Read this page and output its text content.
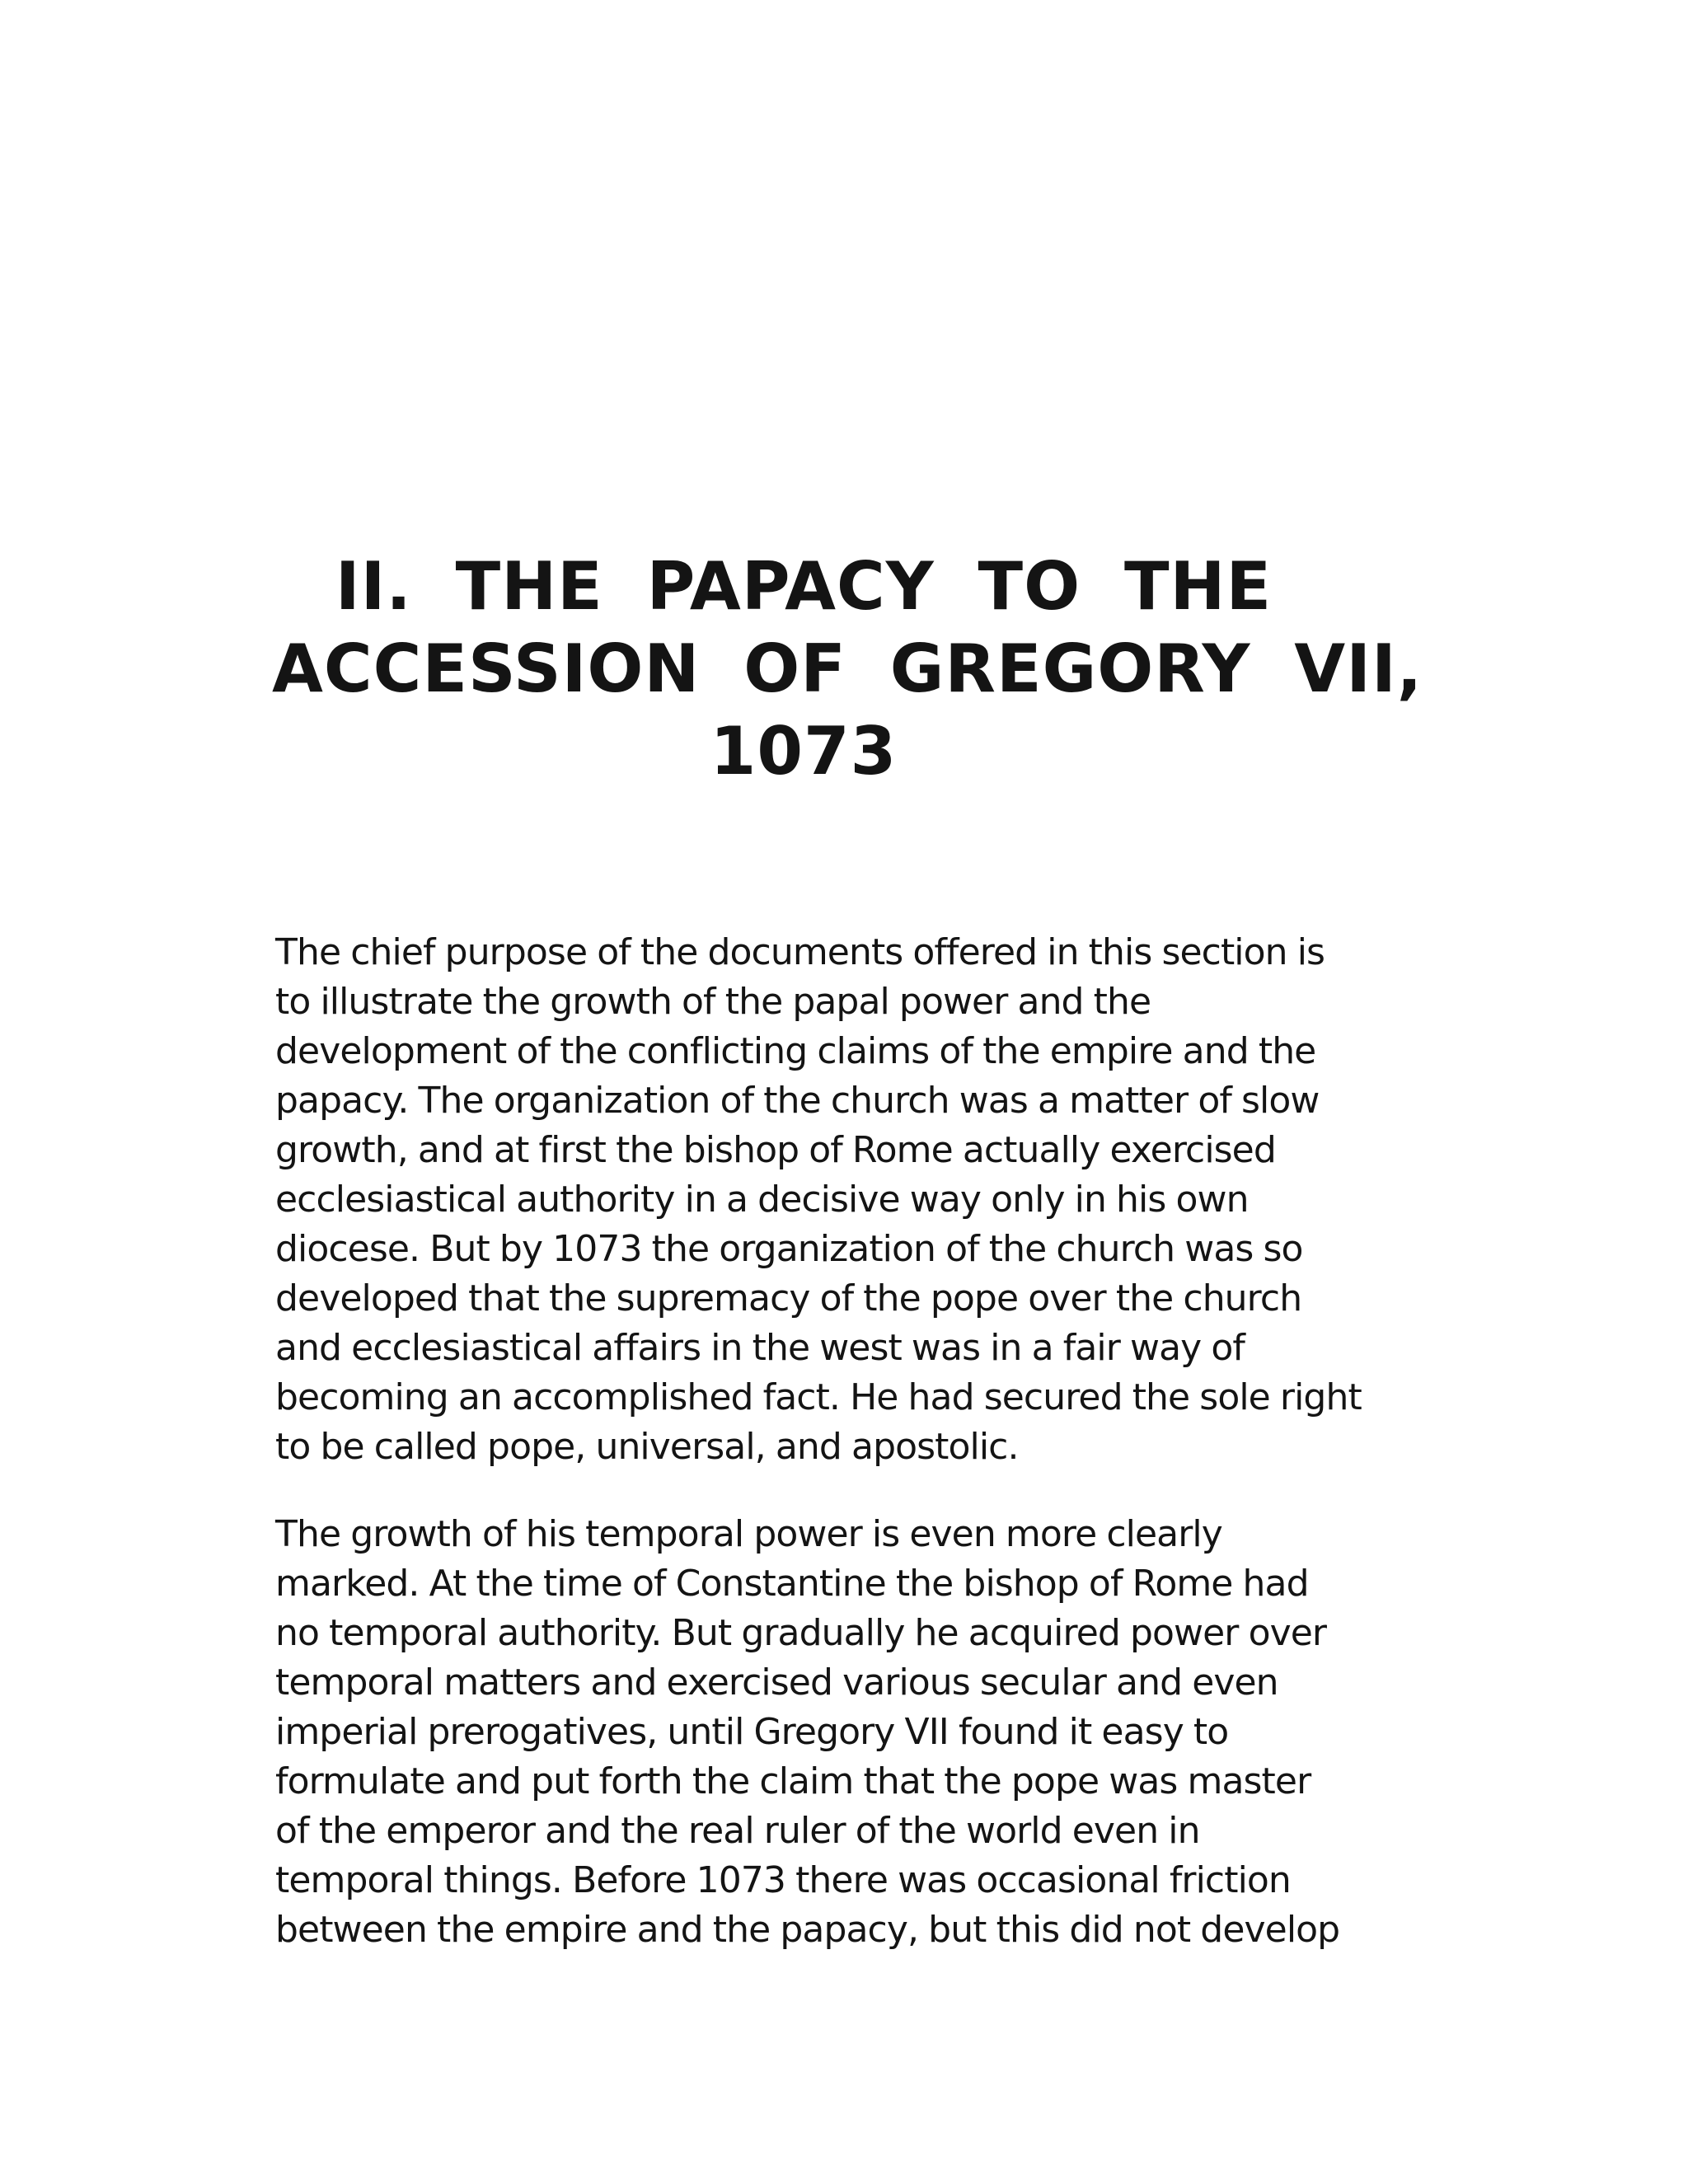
II. THE PAPACY TO THE
ACCESSION OF GREGORY VII,
1073

The chief purpose of the documents offered in this section is
to illustrate the growth of the papal power and the
development of the conflicting claims of the empire and the
papacy. The organization of the church was a matter of slow
growth, and at first the bishop of Rome actually exercised
ecclesiastical authority in a decisive way only in his own
diocese. But by 1073 the organization of the church was so
developed that the supremacy of the pope over the church
and ecclesiastical affairs in the west was in a fair way of
becoming an accomplished fact. He had secured the sole right
to be called pope, universal, and apostolic.

The growth of his temporal power is even more clearly
marked. At the time of Constantine the bishop of Rome had
no temporal authority. But gradually he acquired power over
temporal matters and exercised various secular and even
imperial prerogatives, until Gregory VII found it easy to
formulate and put forth the claim that the pope was master
of the emperor and the real ruler of the world even in
temporal things. Before 1073 there was occasional friction
between the empire and the papacy, but this did not develop
